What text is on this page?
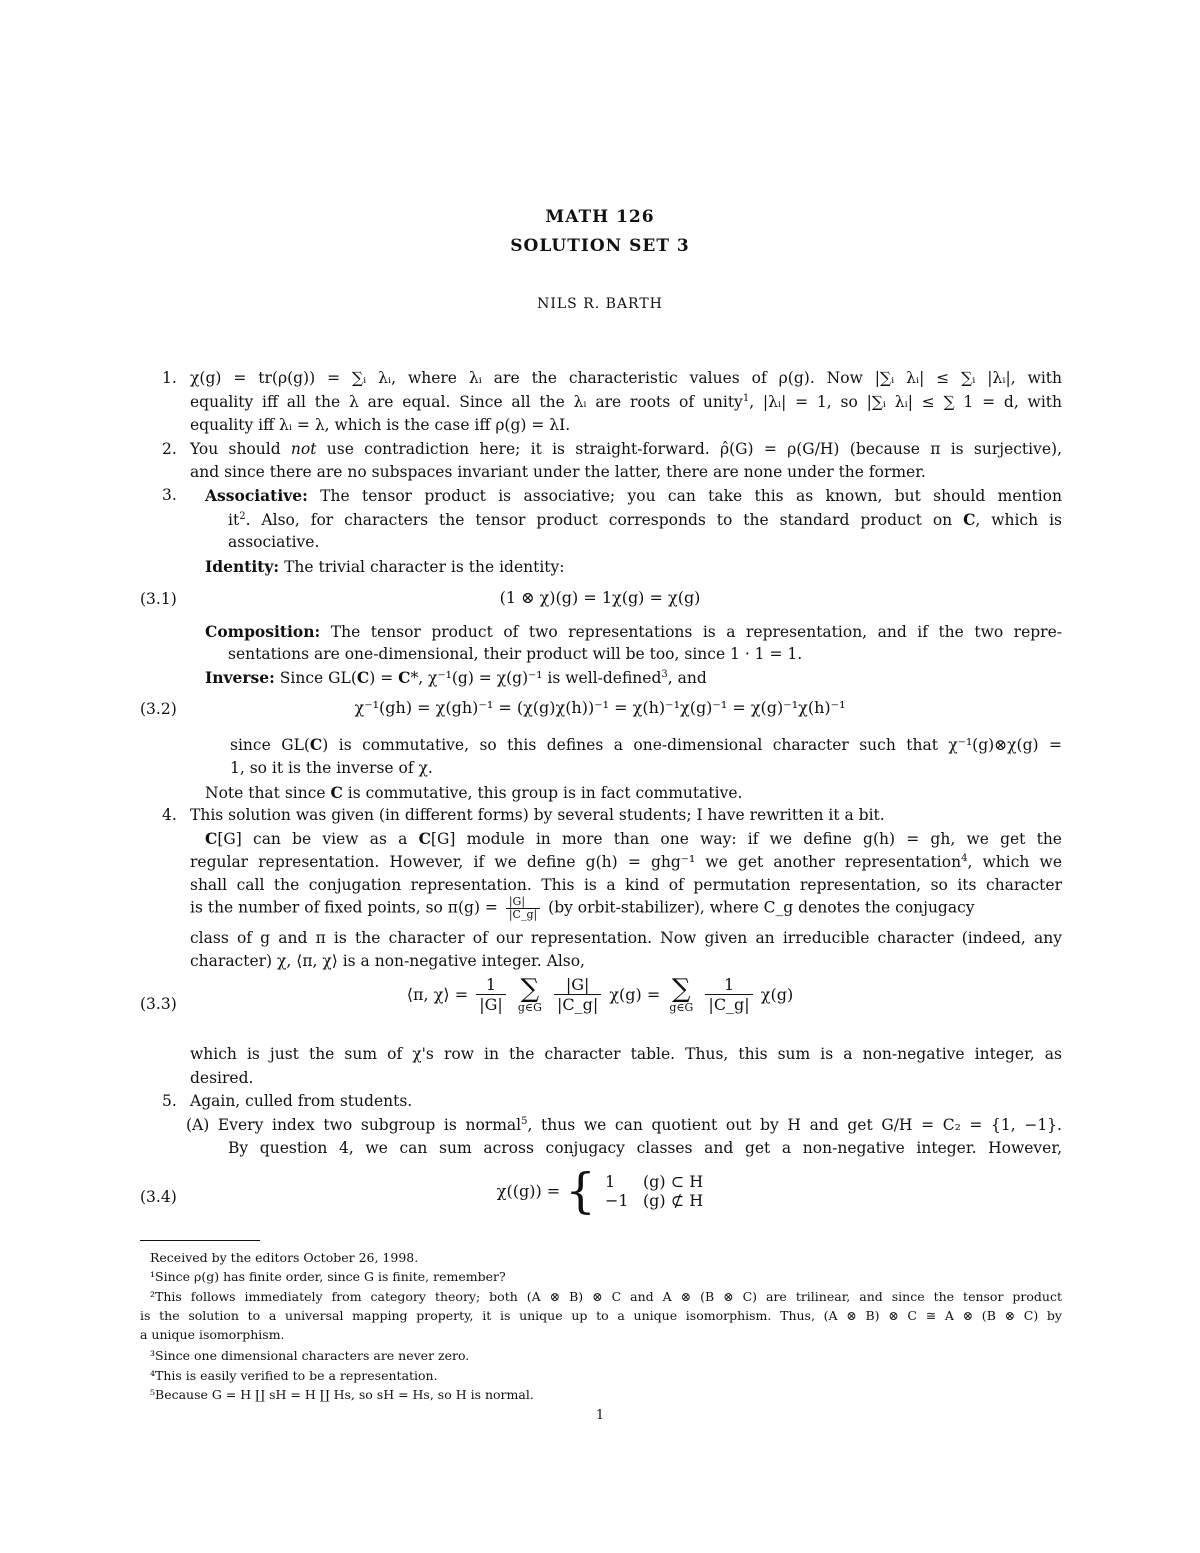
MATH 126
SOLUTION SET 3
NILS R. BARTH
1. χ(g) = tr(ρ(g)) = ∑ᵢ λᵢ, where λᵢ are the characteristic values of ρ(g). Now |∑ᵢ λᵢ| ≤ ∑ᵢ |λᵢ|, with
equality iff all the λ are equal. Since all the λᵢ are roots of unity$^1$, |λᵢ| = 1, so |∑ᵢ λᵢ| ≤ ∑ 1 = d, with
equality iff λᵢ = λ, which is the case iff ρ(g) = λI.
2. You should not use contradiction here; it is straight-forward. ρ̂(G) = ρ(G/H) (because π is surjective),
and since there are no subspaces invariant under the latter, there are none under the former.
3. Associative: The tensor product is associative; you can take this as known, but should mention
$it^2$. Also, for characters the tensor product corresponds to the standard product on C, which is
associative.
Identity: The trivial character is the identity:
(3.1)	(1 ⊗ χ)(g) = 1χ(g) = χ(g)
Composition: The tensor product of two representations is a representation, and if the two repre-
sentations are one-dimensional, their product will be too, since 1 · 1 = 1.
Inverse: Since GL(C) = C*, χ⁻¹(g) = χ(g)⁻¹ is well-defined$^3$, and
(3.2)	χ⁻¹(gh) = χ(gh)⁻¹ = (χ(g)χ(h))⁻¹ = χ(h)⁻¹χ(g)⁻¹ = χ(g)⁻¹χ(h)⁻¹
since GL(C) is commutative, so this defines a one-dimensional character such that χ⁻¹(g)⊗χ(g) =
1, so it is the inverse of χ.
Note that since C is commutative, this group is in fact commutative.
4. This solution was given (in different forms) by several students; I have rewritten it a bit.
C[G] can be view as a C[G] module in more than one way: if we define g(h) = gh, we get the
regular representation. However, if we define g(h) = ghg⁻¹ we get another representation$^4$, which we
shall call the conjugation representation. This is a kind of permutation representation, so its character
is the number of fixed points, so $\pi(g) = \frac{|G|}{|C\_g|} (by$ orbit-stabilizer), where C_g denotes the conjugacy
class of g and π is the character of our representation. Now given an irreducible character (indeed, any
character) χ, ⟨π, χ⟩ is a non-negative integer. Also,
(3.3)	⟨π, χ⟩ = $\frac{1}{|G|}$
∑
g∈G
$\frac{|G|}{|C\_g|} \chi(g)$ = ∑
g∈G
$\frac{1}{|C\_g|} \chi(g)$
which is just the sum of χ's row in the character table. Thus, this sum is a non-negative integer, as
desired.
5. Again, culled from students.
(A) Every index two subgroup is normal$^5$, thus we can quotient out by H and get G/H = C₂ = {1, −1}.
By question 4, we can sum across conjugacy classes and get a non-negative integer. However,
(3.4)	χ((g)) = { 1 (g) ⊂ H
−1 (g) ⊄ H
Received by the editors October 26, 1998.
¹Since ρ(g) has finite order, since G is finite, remember?
²This follows immediately from category theory; both (A ⊗ B) ⊗ C and A ⊗ (B ⊗ C) are trilinear, and since the tensor product
is the solution to a universal mapping property, it is unique up to a unique isomorphism. Thus, (A ⊗ B) ⊗ C ≅ A ⊗ (B ⊗ C) by
a unique isomorphism.
³Since one dimensional characters are never zero.
⁴This is easily verified to be a representation.
⁵Because G = H ∐ sH = H ∐ Hs, so sH = Hs, so H is normal.
1
